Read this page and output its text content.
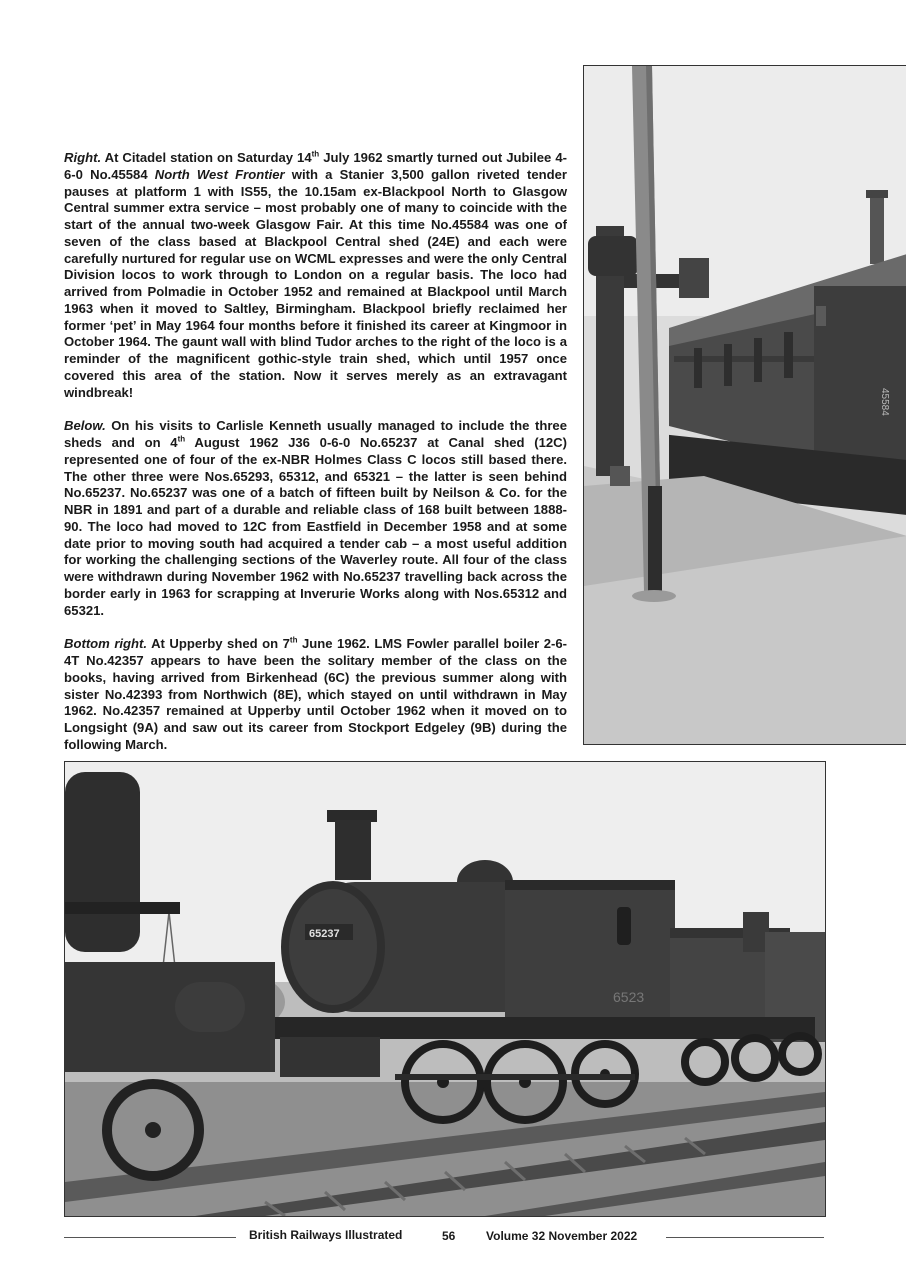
Right. At Citadel station on Saturday 14th July 1962 smartly turned out Jubilee 4-6-0 No.45584 North West Frontier with a Stanier 3,500 gallon riveted tender pauses at platform 1 with IS55, the 10.15am ex-Blackpool North to Glasgow Central summer extra service – most probably one of many to coincide with the start of the annual two-week Glasgow Fair. At this time No.45584 was one of seven of the class based at Blackpool Central shed (24E) and each were carefully nurtured for regular use on WCML expresses and were the only Central Division locos to work through to London on a regular basis. The loco had arrived from Polmadie in October 1952 and remained at Blackpool until March 1963 when it moved to Saltley, Birmingham. Blackpool briefly reclaimed her former ‘pet’ in May 1964 four months before it finished its career at Kingmoor in October 1964. The gaunt wall with blind Tudor arches to the right of the loco is a reminder of the magnificent gothic-style train shed, which until 1957 once covered this area of the station. Now it serves merely as an extravagant windbreak!

Below. On his visits to Carlisle Kenneth usually managed to include the three sheds and on 4th August 1962 J36 0-6-0 No.65237 at Canal shed (12C) represented one of four of the ex-NBR Holmes Class C locos still based there. The other three were Nos.65293, 65312, and 65321 – the latter is seen behind No.65237. No.65237 was one of a batch of fifteen built by Neilson & Co. for the NBR in 1891 and part of a durable and reliable class of 168 built between 1888-90. The loco had moved to 12C from Eastfield in December 1958 and at some date prior to moving south had acquired a tender cab – a most useful addition for working the challenging sections of the Waverley route. All four of the class were withdrawn during November 1962 with No.65237 travelling back across the border early in 1963 for scrapping at Inverurie Works along with Nos.65312 and 65321.

Bottom right. At Upperby shed on 7th June 1962. LMS Fowler parallel boiler 2-6-4T No.42357 appears to have been the solitary member of the class on the books, having arrived from Birkenhead (6C) the previous summer along with sister No.42393 from Northwich (8E), which stayed on until withdrawn in May 1962. No.42357 remained at Upperby until October 1962 when it moved on to Longsight (9A) and saw out its career from Stockport Edgeley (9B) during the following March.

45584
65237
6523
British Railways Illustrated	56	Volume 32 November 2022
